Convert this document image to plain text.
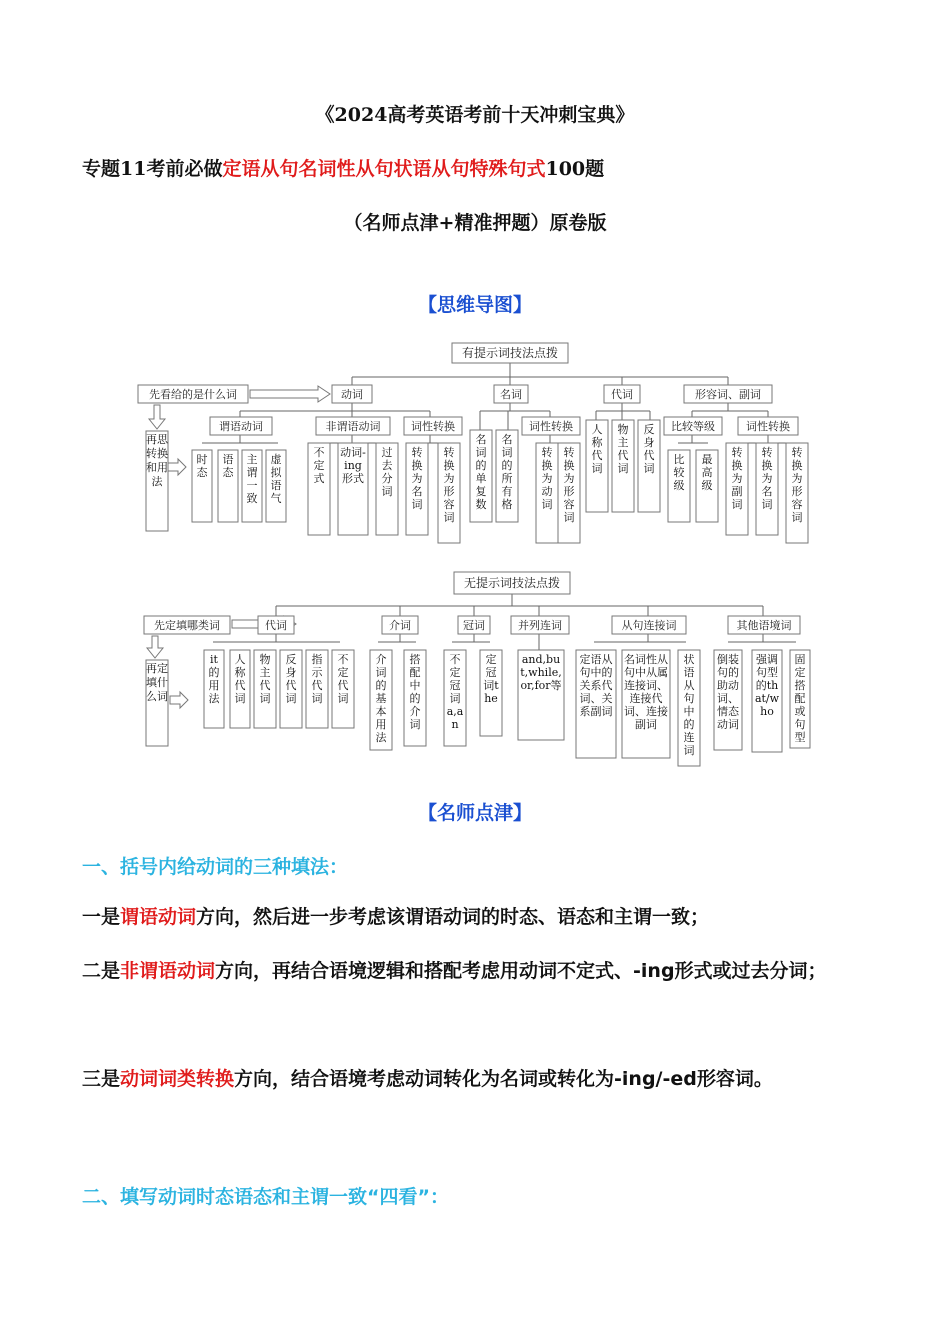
《2024高考英语考前十天冲刺宝典》
专题11考前必做定语从句名词性从句状语从句特殊句式100题
（名师点津+精准押题）原卷版
【思维导图】
有提示词技法点拨
先看给的是什么词
再思转换和用法
动词	名词	代词	形容词、副词
谓语动词	非谓语动词	词性转换	词性转换	比较等级	词性转换
时态
语态
主谓一致
虚拟语气
不定式
动词-ing形式
过去分词
转换为名词
转换为形容词
名词的单复数
名词的所有格
转换为动词
转换为形容词
人称代词
物主代词
反身代词
比较级
最高级
转换为副词
转换为名词
转换为形容词
无提示词技法点拨
先定填哪类词
再定填什么词
代词	介词	冠词	并列连词	从句连接词	其他语境词
it的用法
人称代词
物主代词
反身代词
指示代词
不定代词
介词的基本用法
搭配中的介词
不定冠词a,an
定冠词the
and,but,while,or,for等
定语从句中的关系代词、关系副词
名词性从句中从属连接词、连接代词、连接副词
状语从句中的连词
倒装句的助动词、情态动词
强调句型的that/who
固定搭配或句型
【名师点津】
一、括号内给动词的三种填法：
一是谓语动词方向，然后进一步考虑该谓语动词的时态、语态和主谓一致；
二是非谓语动词方向，再结合语境逻辑和搭配考虑用动词不定式、-ing形式或过去分词；
三是动词词类转换方向，结合语境考虑动词转化为名词或转化为-ing/-ed形容词。
二、填写动词时态语态和主谓一致“四看”：
